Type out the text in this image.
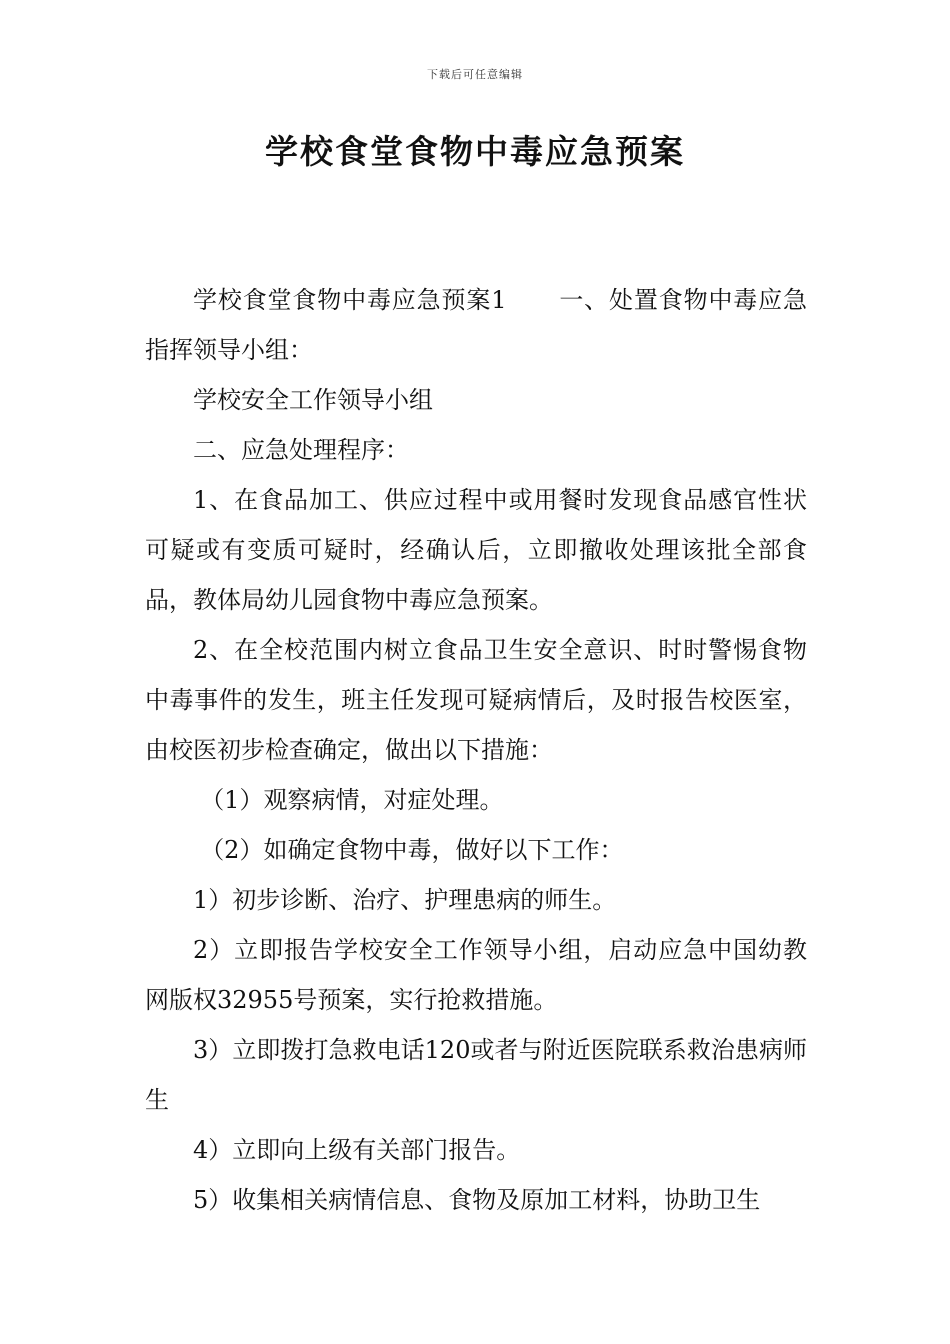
下载后可任意编辑
学校食堂食物中毒应急预案

学校食堂食物中毒应急预案1 一、处置食物中毒应急指挥领导小组：

学校安全工作领导小组

二、应急处理程序：

1、在食品加工、供应过程中或用餐时发现食品感官性状可疑或有变质可疑时，经确认后，立即撤收处理该批全部食品，教体局幼儿园食物中毒应急预案。

2、在全校范围内树立食品卫生安全意识、时时警惕食物中毒事件的发生，班主任发现可疑病情后，及时报告校医室，由校医初步检查确定，做出以下措施：

（1）观察病情，对症处理。

（2）如确定食物中毒，做好以下工作：

1）初步诊断、治疗、护理患病的师生。

2）立即报告学校安全工作领导小组，启动应急中国幼教网版权32955号预案，实行抢救措施。

3）立即拨打急救电话120或者与附近医院联系救治患病师生

4）立即向上级有关部门报告。

5）收集相关病情信息、食物及原加工材料，协助卫生
